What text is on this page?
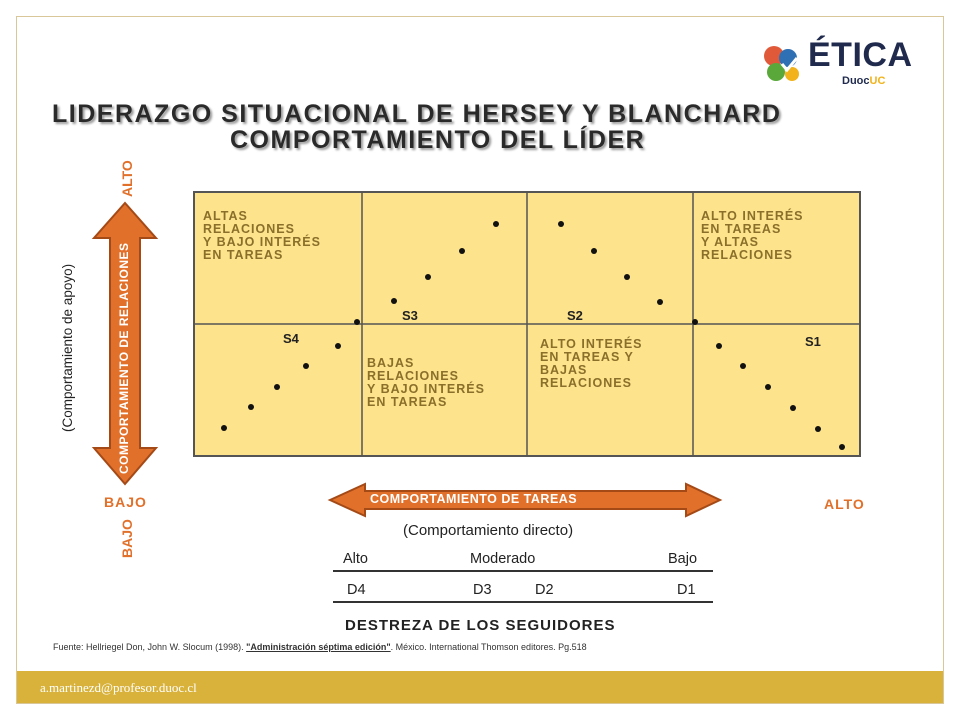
ÉTICA
DuocUC
LIDERAZGO SITUACIONAL DE HERSEY Y BLANCHARD
COMPORTAMIENTO DEL LÍDER
ALTAS
RELACIONES
Y BAJO INTERÉS
EN TAREAS
ALTO INTERÉS
EN TAREAS
Y ALTAS
RELACIONES
BAJAS
RELACIONES
Y BAJO INTERÉS
EN TAREAS
ALTO INTERÉS
EN TAREAS Y
BAJAS
RELACIONES
S3	S2
S4	S1
ALTO
COMPORTAMIENTO DE RELACIONES
(Comportamiento de apoyo)
BAJO
BAJO	ALTO
COMPORTAMIENTO DE TAREAS
(Comportamiento directo)
Alto	Moderado	Bajo
D4	D3	D2	D1
DESTREZA DE LOS SEGUIDORES
Fuente: Hellriegel Don, John W. Slocum (1998). "Administración séptima edición". México. International Thomson editores. Pg.518
a.martinezd@profesor.duoc.cl
